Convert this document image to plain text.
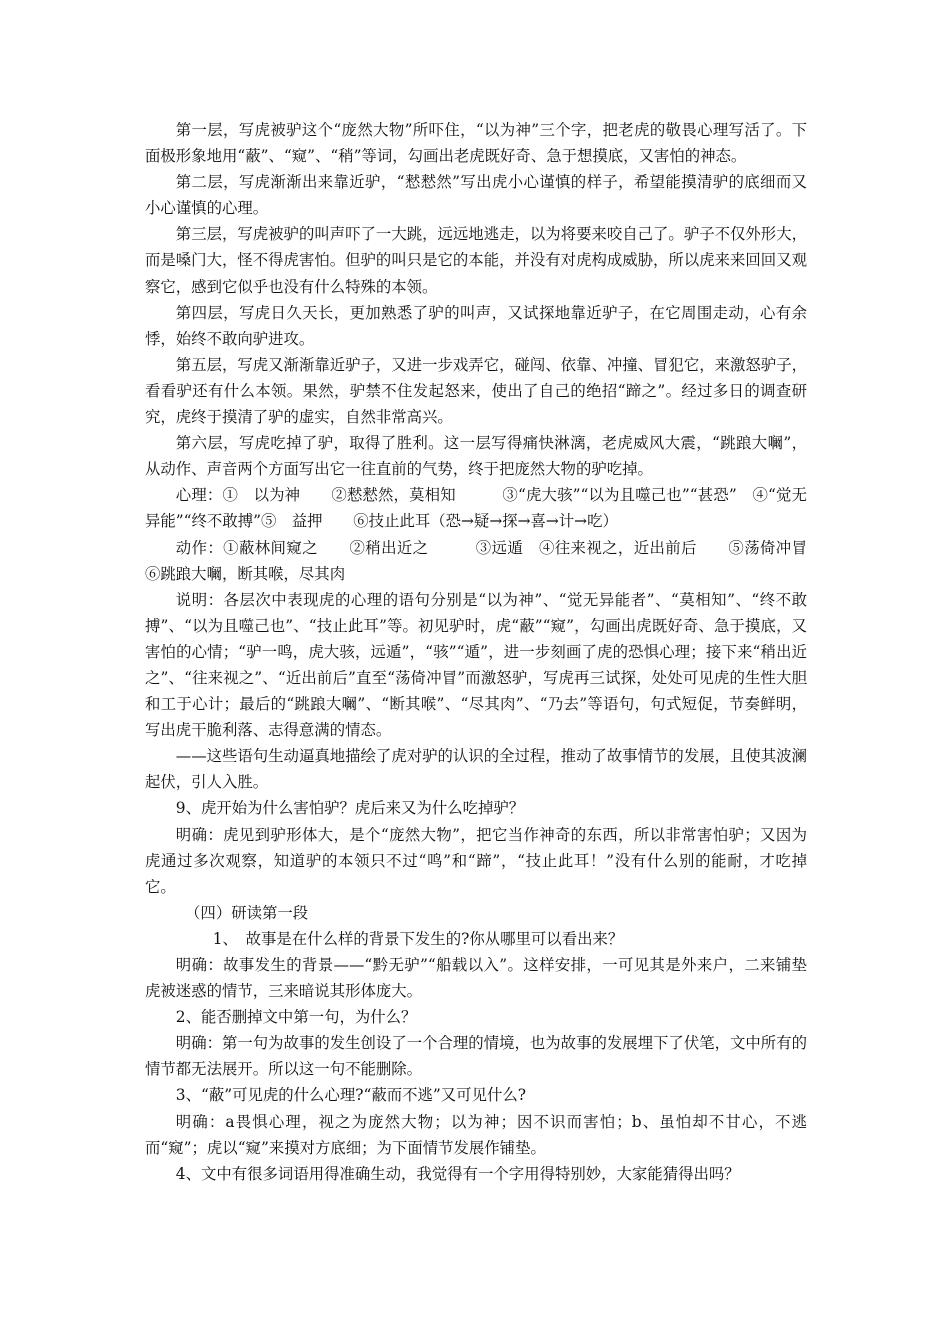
第一层，写虎被驴这个“庞然大物”所吓住，“以为神”三个字，把老虎的敬畏心理写活了。下面极形象地用“蔽”、“窥”、“稍”等词，勾画出老虎既好奇、急于想摸底，又害怕的神态。

第二层，写虎渐渐出来靠近驴，“慭慭然”写出虎小心谨慎的样子，希望能摸清驴的底细而又小心谨慎的心理。

第三层，写虎被驴的叫声吓了一大跳，远远地逃走，以为将要来咬自己了。驴子不仅外形大，而是嗓门大，怪不得虎害怕。但驴的叫只是它的本能，并没有对虎构成威胁，所以虎来来回回又观察它，感到它似乎也没有什么特殊的本领。

第四层，写虎日久天长，更加熟悉了驴的叫声，又试探地靠近驴子，在它周围走动，心有余悸，始终不敢向驴进攻。

第五层，写虎又渐渐靠近驴子，又进一步戏弄它，碰闯、依靠、冲撞、冒犯它，来激怒驴子，看看驴还有什么本领。果然，驴禁不住发起怒来，使出了自己的绝招“蹄之”。经过多日的调查研究，虎终于摸清了驴的虚实，自然非常高兴。

第六层，写虎吃掉了驴，取得了胜利。这一层写得痛快淋漓，老虎威风大震，“跳踉大㘎”，从动作、声音两个方面写出它一往直前的气势，终于把庞然大物的驴吃掉。

心理：①　以为神　　②慭慭然，莫相知　　　③“虎大骇”“以为且噬己也”“甚恐”　④“觉无异能”“终不敢搏”⑤　益押　　⑥技止此耳（恐→疑→探→喜→计→吃）

动作：①蔽林间窥之　　②稍出近之　　　③远遁　④往来视之，近出前后　　⑤荡倚冲冒　　⑥跳踉大㘎，断其喉，尽其肉

说明：各层次中表现虎的心理的语句分别是“以为神”、“觉无异能者”、“莫相知”、“终不敢搏”、“以为且噬己也”、“技止此耳”等。初见驴时，虎“蔽”“窥”，勾画出虎既好奇、急于摸底，又害怕的心情；“驴一鸣，虎大骇，远遁”，“骇”“遁”，进一步刻画了虎的恐惧心理；接下来“稍出近之”、“往来视之”、“近出前后”直至“荡倚冲冒”而激怒驴，写虎再三试探，处处可见虎的生性大胆和工于心计；最后的“跳踉大㘎”、“断其喉”、“尽其肉”、“乃去”等语句，句式短促，节奏鲜明，写出虎干脆利落、志得意满的情态。

——这些语句生动逼真地描绘了虎对驴的认识的全过程，推动了故事情节的发展，且使其波澜起伏，引人入胜。

9、虎开始为什么害怕驴？虎后来又为什么吃掉驴？

明确：虎见到驴形体大，是个“庞然大物”，把它当作神奇的东西，所以非常害怕驴；又因为虎通过多次观察，知道驴的本领只不过“鸣”和“蹄”，“技止此耳！”没有什么别的能耐，才吃掉它。

（四）研读第一段

1、　故事是在什么样的背景下发生的?你从哪里可以看出来？

明确：故事发生的背景——“黔无驴”“船载以入”。这样安排，一可见其是外来户，二来铺垫虎被迷惑的情节，三来暗说其形体庞大。

2、能否删掉文中第一句，为什么？

明确：第一句为故事的发生创设了一个合理的情境，也为故事的发展埋下了伏笔，文中所有的情节都无法展开。所以这一句不能删除。

3、“蔽”可见虎的什么心理?“蔽而不逃”又可见什么?

明确：a畏惧心理，视之为庞然大物；以为神；因不识而害怕；b、虽怕却不甘心，不逃而“窥”；虎以“窥”来摸对方底细；为下面情节发展作铺垫。

4、文中有很多词语用得准确生动，我觉得有一个字用得特别妙，大家能猜得出吗？
